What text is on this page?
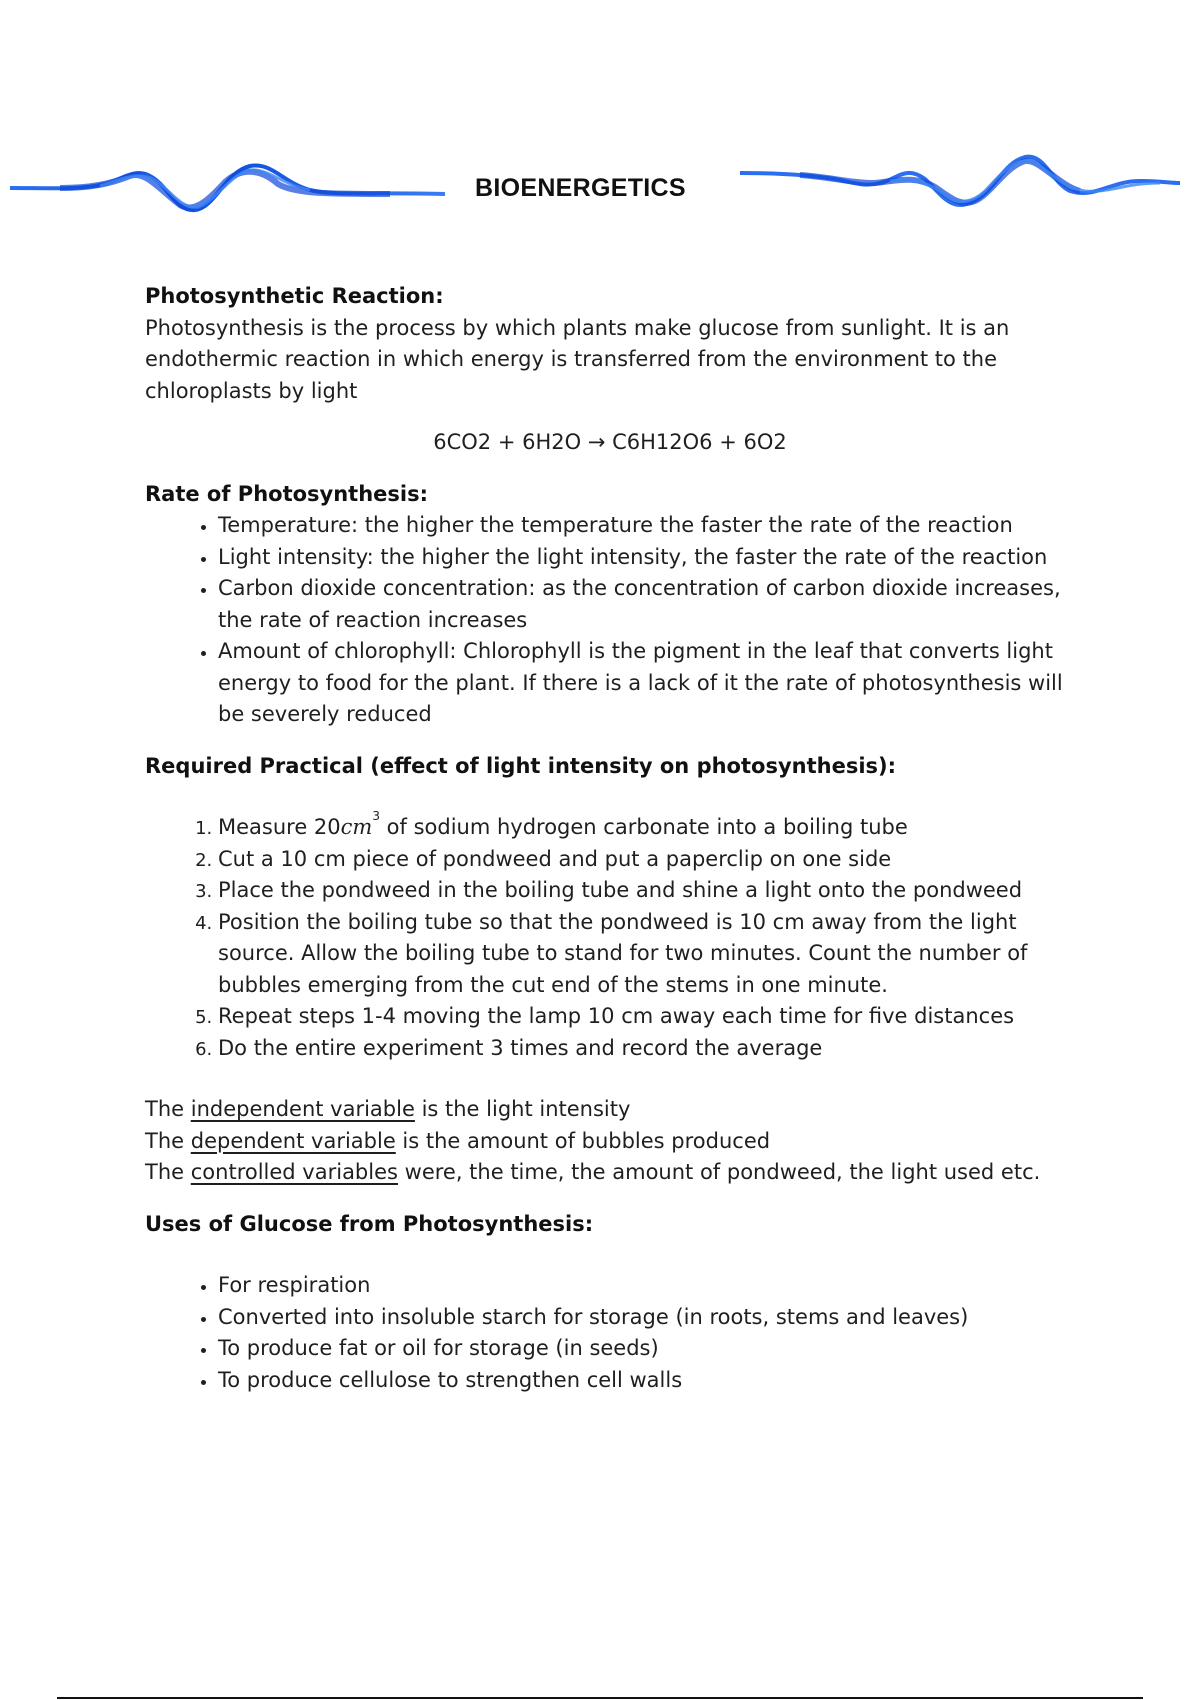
BIOENERGETICS
Photosynthetic Reaction:

Photosynthesis is the process by which plants make glucose from sunlight. It is an endothermic reaction in which energy is transferred from the environment to the chloroplasts by light

6CO2 + 6H2O → C6H12O6 + 6O2

Rate of Photosynthesis:
• Temperature: the higher the temperature the faster the rate of the reaction
• Light intensity: the higher the light intensity, the faster the rate of the reaction
• Carbon dioxide concentration: as the concentration of carbon dioxide increases, the rate of reaction increases
• Amount of chlorophyll: Chlorophyll is the pigment in the leaf that converts light energy to food for the plant. If there is a lack of it the rate of photosynthesis will be severely reduced
Required Practical (effect of light intensity on photosynthesis):
1. Measure $20cm^3$ of sodium hydrogen carbonate into a boiling tube
2. Cut a 10 cm piece of pondweed and put a paperclip on one side
3. Place the pondweed in the boiling tube and shine a light onto the pondweed
4. Position the boiling tube so that the pondweed is 10 cm away from the light source. Allow the boiling tube to stand for two minutes. Count the number of bubbles emerging from the cut end of the stems in one minute.
5. Repeat steps 1-4 moving the lamp 10 cm away each time for five distances
6. Do the entire experiment 3 times and record the average

The independent variable is the light intensity

The dependent variable is the amount of bubbles produced

The controlled variables were, the time, the amount of pondweed, the light used etc.

Uses of Glucose from Photosynthesis:
• For respiration
• Converted into insoluble starch for storage (in roots, stems and leaves)
• To produce fat or oil for storage (in seeds)
• To produce cellulose to strengthen cell walls
